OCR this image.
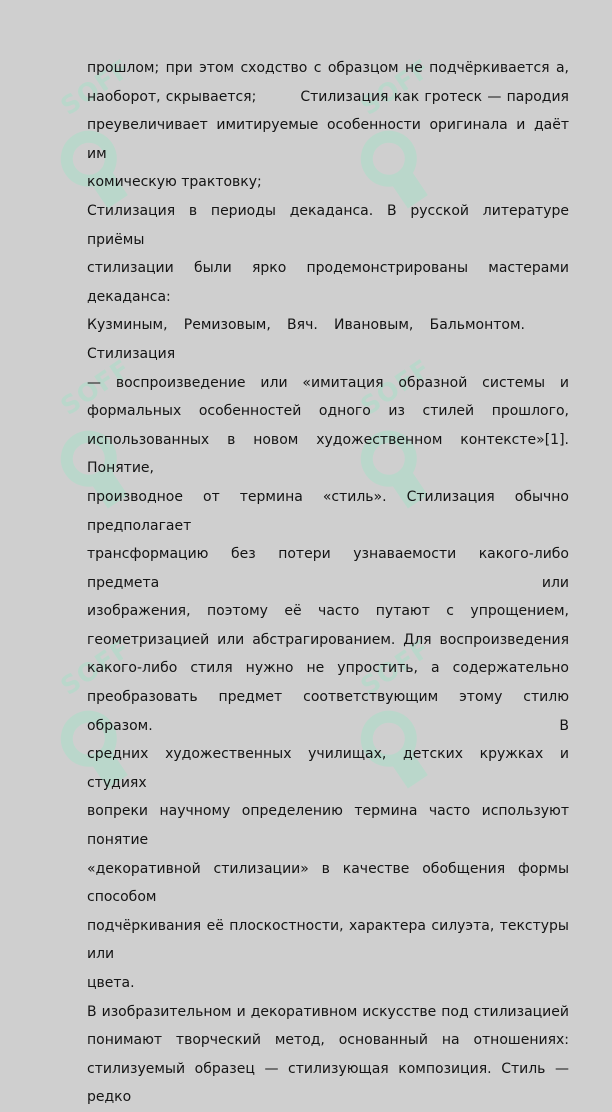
SOFF	SOFF
SOFF	SOFF
SOFF	SOFF
прошлом; при этом сходство с образцом не подчёркивается а,
наоборот, скрывается;	Стилизация как гротеск — пародия
преувеличивает имитируемые особенности оригинала и даёт им
комическую трактовку;
Стилизация в периоды декаданса. В русской литературе приёмы
стилизации были ярко продемонстрированы мастерами декаданса:
Кузминым, Ремизовым, Вяч. Ивановым, Бальмонтом.Стилизация
— воспроизведение или «имитация образной системы и
формальных особенностей одного из стилей прошлого,
использованных в новом художественном контексте»[1]. Понятие,
производное от термина «стиль». Стилизация обычно предполагает
трансформацию без потери узнаваемости какого-либо предмета или
изображения, поэтому её часто путают с упрощением,
геометризацией или абстрагированием. Для воспроизведения
какого-либо стиля нужно не упростить, а содержательно
преобразовать предмет соответствующим этому стилю образом. В
средних художественных училищах, детских кружках и студиях
вопреки научному определению термина часто используют понятие
«декоративной стилизации» в качестве обобщения формы способом
подчёркивания её плоскостности, характера силуэта, текстуры или
цвета.
В изобразительном и декоративном искусстве под стилизацией
понимают творческий метод, основанный на отношениях:
стилизуемый образец — стилизующая композиция. Стиль — редко
